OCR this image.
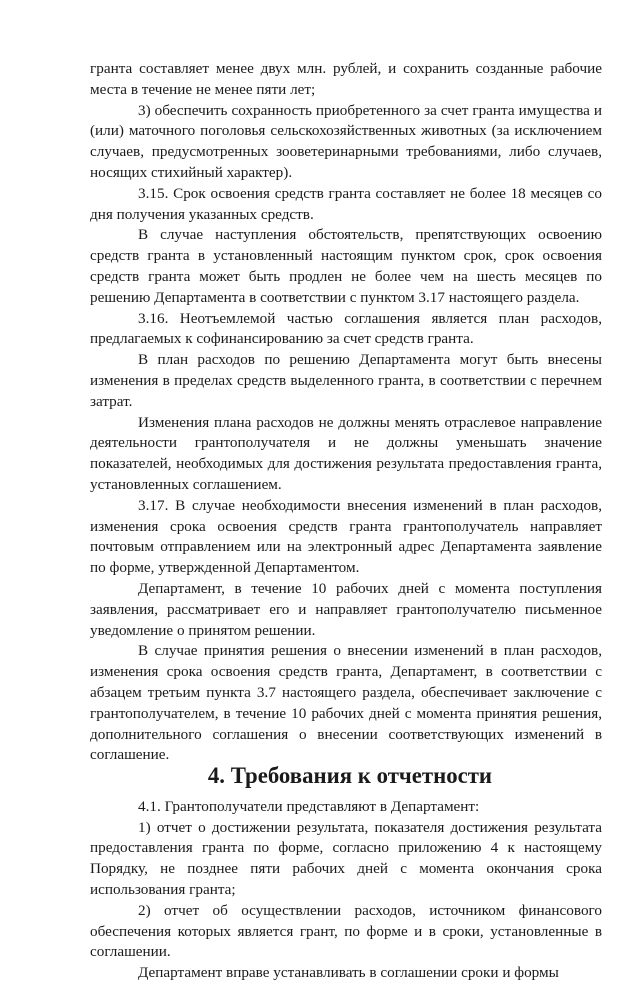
гранта составляет менее двух млн. рублей, и сохранить созданные рабочие места в течение не менее пяти лет;

3) обеспечить сохранность приобретенного за счет гранта имущества и (или) маточного поголовья сельскохозяйственных животных (за исключением случаев, предусмотренных зооветеринарными требованиями, либо случаев, носящих стихийный характер).

3.15. Срок освоения средств гранта составляет не более 18 месяцев со дня получения указанных средств.

В случае наступления обстоятельств, препятствующих освоению средств гранта в установленный настоящим пунктом срок, срок освоения средств гранта может быть продлен не более чем на шесть месяцев по решению Департамента в соответствии с пунктом 3.17 настоящего раздела.

3.16. Неотъемлемой частью соглашения является план расходов, предлагаемых к софинансированию за счет средств гранта.

В план расходов по решению Департамента могут быть внесены изменения в пределах средств выделенного гранта, в соответствии с перечнем затрат.

Изменения плана расходов не должны менять отраслевое направление деятельности грантополучателя и не должны уменьшать значение показателей, необходимых для достижения результата предоставления гранта, установленных соглашением.

3.17. В случае необходимости внесения изменений в план расходов, изменения срока освоения средств гранта грантополучатель направляет почтовым отправлением или на электронный адрес Департамента заявление по форме, утвержденной Департаментом.

Департамент, в течение 10 рабочих дней с момента поступления заявления, рассматривает его и направляет грантополучателю письменное уведомление о принятом решении.

В случае принятия решения о внесении изменений в план расходов, изменения срока освоения средств гранта, Департамент, в соответствии с абзацем третьим пункта 3.7 настоящего раздела, обеспечивает заключение с грантополучателем, в течение 10 рабочих дней с момента принятия решения, дополнительного соглашения о внесении соответствующих изменений в соглашение.

4. Требования к отчетности

4.1. Грантополучатели представляют в Департамент:

1) отчет о достижении результата, показателя достижения результата предоставления гранта по форме, согласно приложению 4 к настоящему Порядку, не позднее пяти рабочих дней с момента окончания срока использования гранта;

2) отчет об осуществлении расходов, источником финансового обеспечения которых является грант, по форме и в сроки, установленные в соглашении.

Департамент вправе устанавливать в соглашении сроки и формы
